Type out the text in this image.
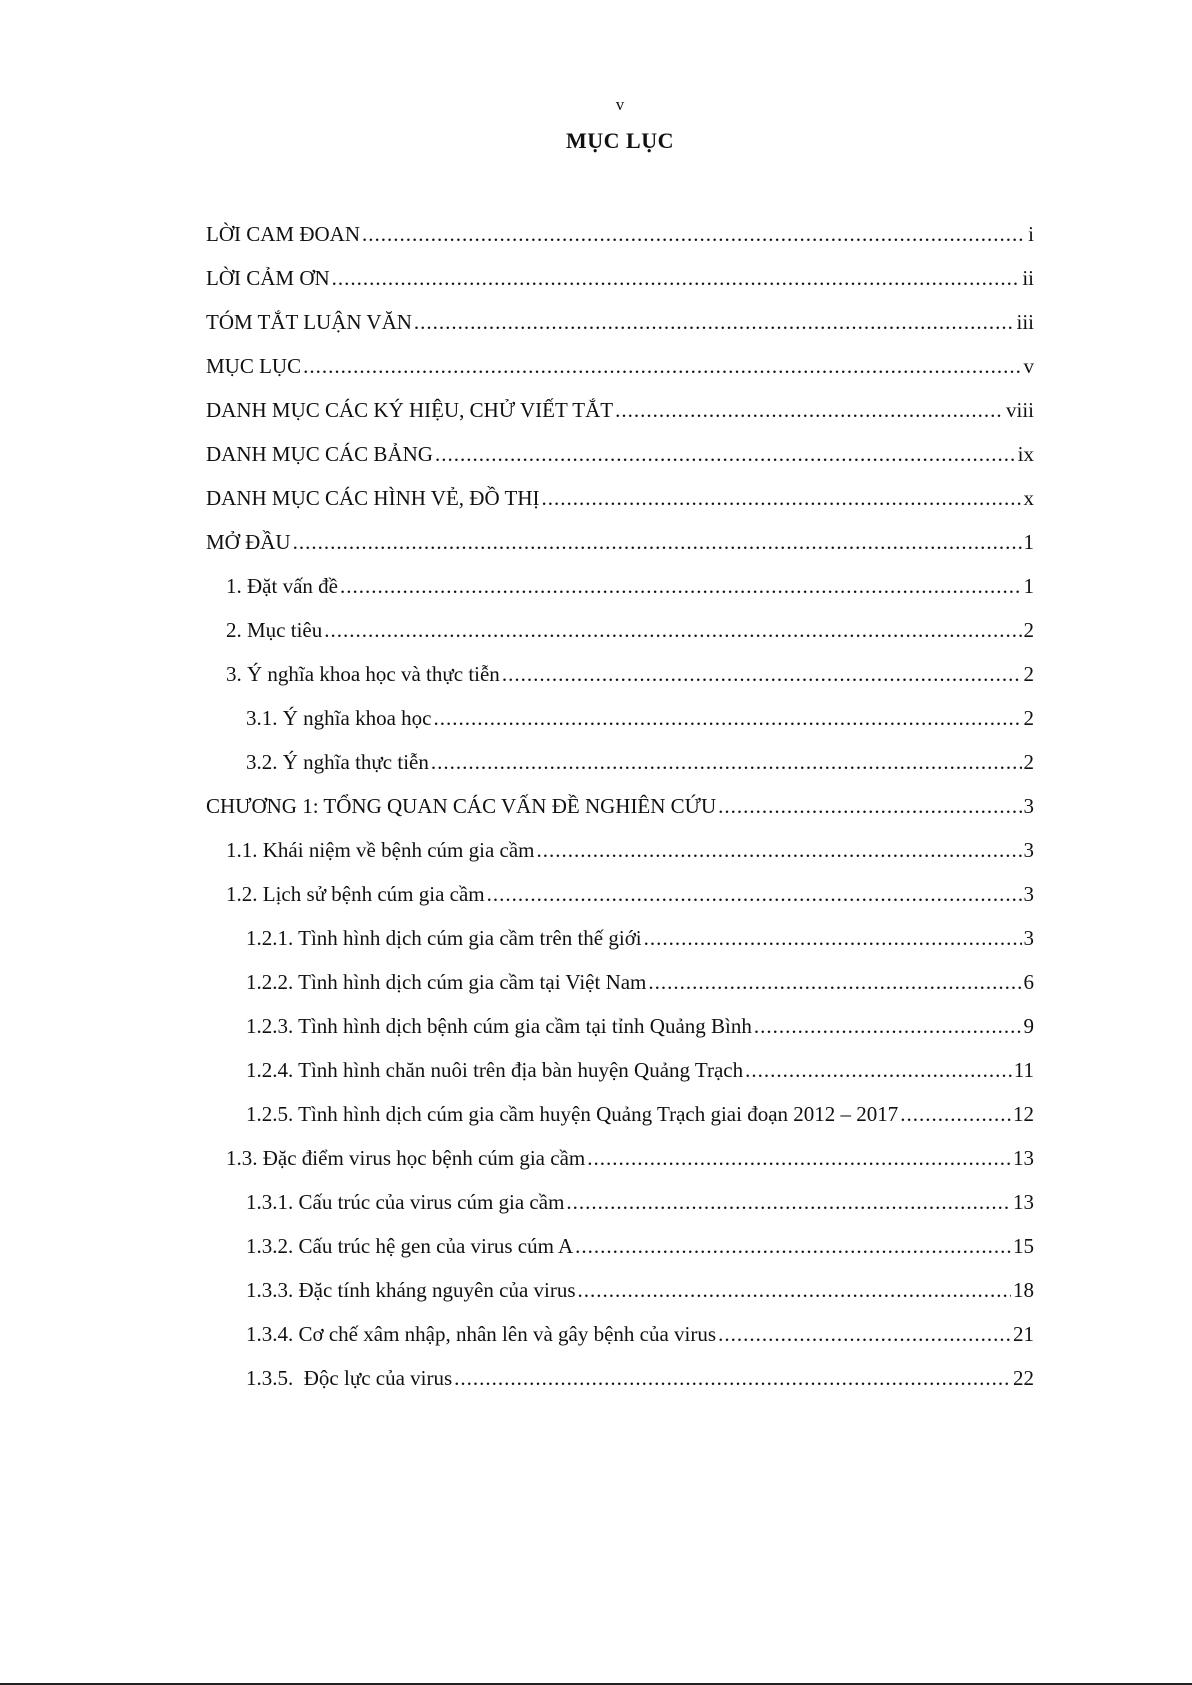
v
MỤC LỤC
LỜI CAM ĐOAN .....	i
LỜI CẢM ƠN .....	ii
TÓM TẮT LUẬN VĂN .....	iii
MỤC LỤC .....	v
DANH MỤC CÁC KÝ HIỆU, CHỬ VIẾT TẮT .....	viii
DANH MỤC CÁC BẢNG .....	ix
DANH MỤC CÁC HÌNH VẺ, ĐỒ THỊ .....	x
MỞ ĐẦU .....	1
1. Đặt vấn đề .....	1
2. Mục tiêu .....	2
3. Ý nghĩa khoa học và thực tiễn .....	2
3.1. Ý nghĩa khoa học .....	2
3.2. Ý nghĩa thực tiễn .....	2
CHƯƠNG 1: TỔNG QUAN CÁC VẤN ĐỀ NGHIÊN CỨU .....	3
1.1. Khái niệm về bệnh cúm gia cầm .....	3
1.2. Lịch sử bệnh cúm gia cầm .....	3
1.2.1. Tình hình dịch cúm gia cầm trên thế giới .....	3
1.2.2. Tình hình dịch cúm gia cầm tại Việt Nam .....	6
1.2.3. Tình hình dịch bệnh cúm gia cầm tại tỉnh Quảng Bình .....	9
1.2.4. Tình hình chăn nuôi trên địa bàn huyện Quảng Trạch .....	11
1.2.5. Tình hình dịch cúm gia cầm huyện Quảng Trạch giai đoạn 2012 – 2017 .....	12
1.3. Đặc điểm virus học bệnh cúm gia cầm .....	13
1.3.1. Cấu trúc của virus cúm gia cầm .....	13
1.3.2. Cấu trúc hệ gen của virus cúm A .....	15
1.3.3. Đặc tính kháng nguyên của virus .....	18
1.3.4. Cơ chế xâm nhập, nhân lên và gây bệnh của virus .....	21
1.3.5.  Độc lực của virus .....	22
